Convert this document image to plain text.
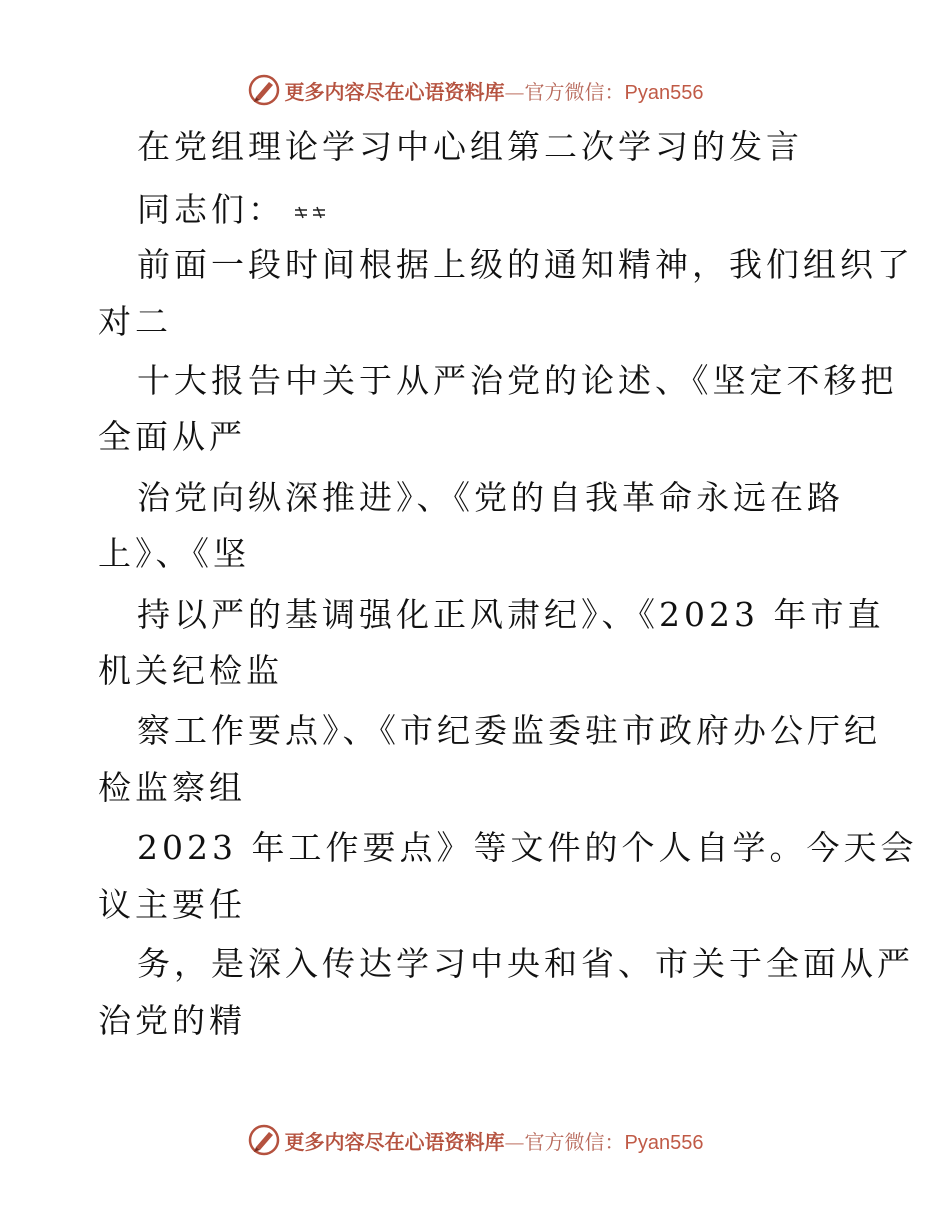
更多内容尽在心语资料库—官方微信：Pyan556
在党组理论学习中心组第二次学习的发言
同志们：
前面一段时间根据上级的通知精神，我们组织了
对二
十大报告中关于从严治党的论述、《坚定不移把
全面从严
治党向纵深推进》、《党的自我革命永远在路
上》、《坚
持以严的基调强化正风肃纪》、《2023 年市直
机关纪检监
察工作要点》、《市纪委监委驻市政府办公厅纪
检监察组
2023 年工作要点》等文件的个人自学。今天会
议主要任
务，是深入传达学习中央和省、市关于全面从严
治党的精
更多内容尽在心语资料库—官方微信：Pyan556
